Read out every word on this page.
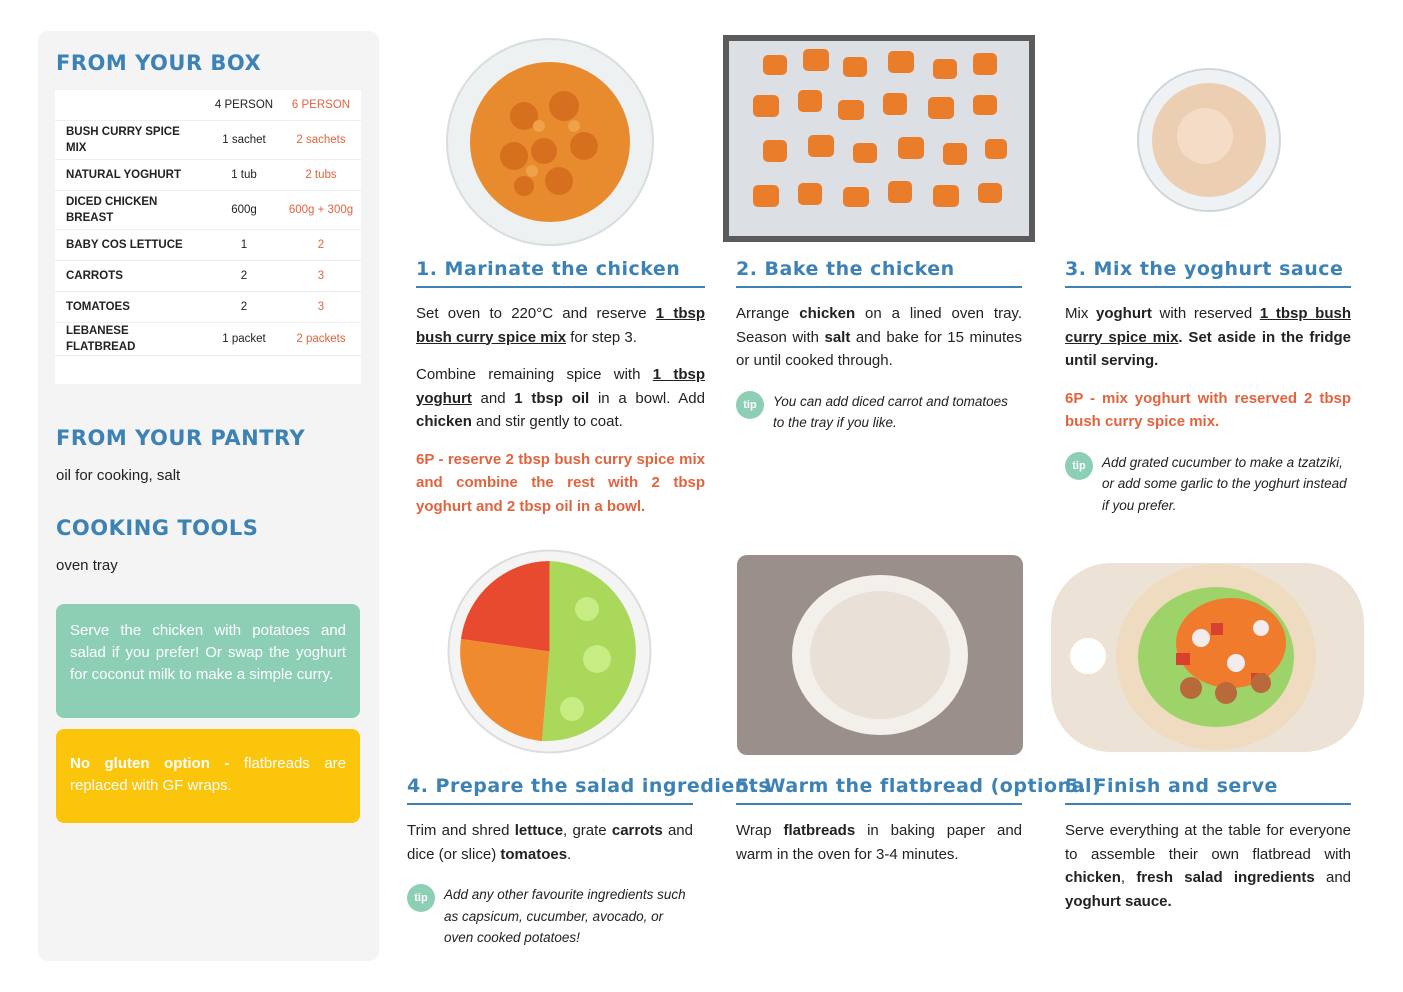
FROM YOUR BOX
	4 PERSON	6 PERSON
BUSH CURRY SPICE MIX	1 sachet	2 sachets
NATURAL YOGHURT	1 tub	2 tubs
DICED CHICKEN BREAST	600g	600g + 300g
BABY COS LETTUCE	1	2
CARROTS	2	3
TOMATOES	2	3
LEBANESE FLATBREAD	1 packet	2 packets

FROM YOUR PANTRY

oil for cooking, salt

COOKING TOOLS

oven tray

Serve the chicken with potatoes and salad if you prefer! Or swap the yoghurt for coconut milk to make a simple curry.
No gluten option - flatbreads are replaced with GF wraps.
1. Marinate the chicken

Set oven to 220°C and reserve 1 tbsp bush curry spice mix for step 3.

Combine remaining spice with 1 tbsp yoghurt and 1 tbsp oil in a bowl. Add chicken and stir gently to coat.

6P - reserve 2 tbsp bush curry spice mix and combine the rest with 2 tbsp yoghurt and 2 tbsp oil in a bowl.

2. Bake the chicken

Arrange chicken on a lined oven tray. Season with salt and bake for 15 minutes or until cooked through.

tip	You can add diced carrot and tomatoes to the tray if you like.
3. Mix the yoghurt sauce

Mix yoghurt with reserved 1 tbsp bush curry spice mix. Set aside in the fridge until serving.

6P - mix yoghurt with reserved 2 tbsp bush curry spice mix.

tip	Add grated cucumber to make a tzatziki, or add some garlic to the yoghurt instead if you prefer.
4. Prepare the salad ingredients

Trim and shred lettuce, grate carrots and dice (or slice) tomatoes.

tip	Add any other favourite ingredients such as capsicum, cucumber, avocado, or oven cooked potatoes!
5. Warm the flatbread (optional)

Wrap flatbreads in baking paper and warm in the oven for 3-4 minutes.

5. Finish and serve

Serve everything at the table for everyone to assemble their own flatbread with chicken, fresh salad ingredients and yoghurt sauce.
